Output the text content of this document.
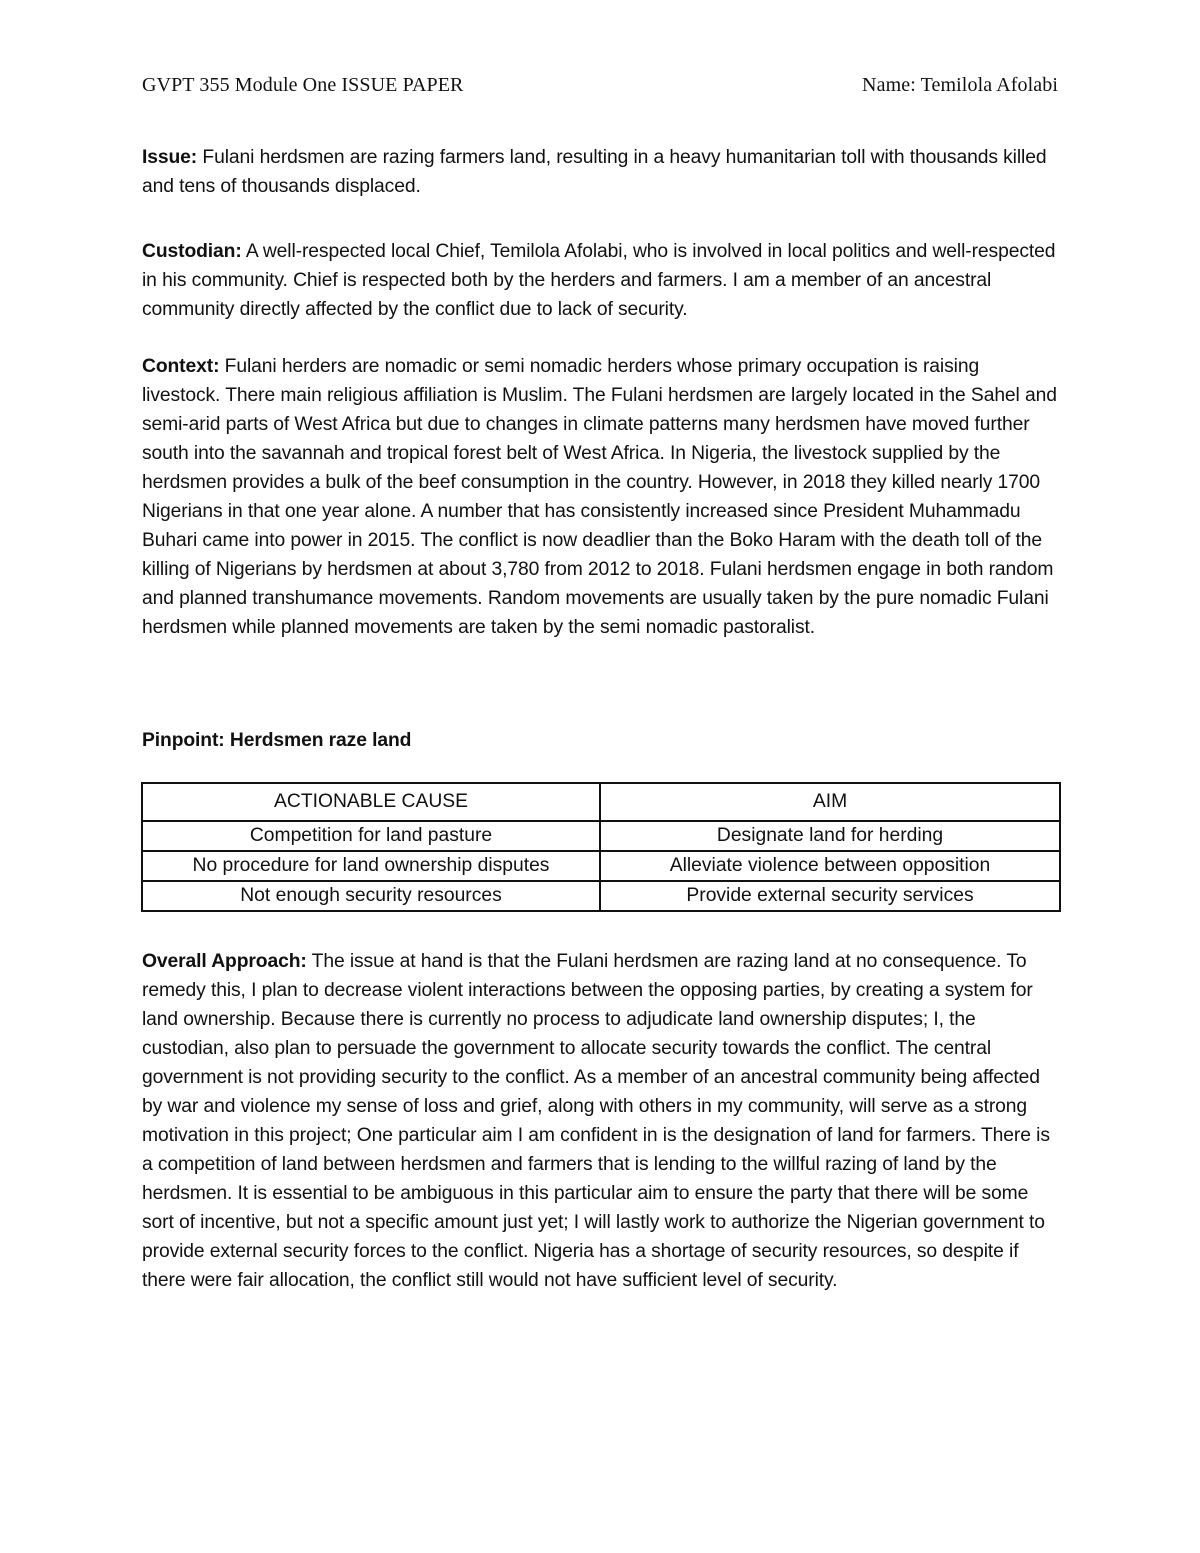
GVPT 355 Module One ISSUE PAPER	Name: Temilola Afolabi

Issue: Fulani herdsmen are razing farmers land, resulting in a heavy humanitarian toll with thousands killed and tens of thousands displaced.

Custodian: A well-respected local Chief, Temilola Afolabi, who is involved in local politics and well-respected in his community. Chief is respected both by the herders and farmers. I am a member of an ancestral community directly affected by the conflict due to lack of security.

Context: Fulani herders are nomadic or semi nomadic herders whose primary occupation is raising livestock. There main religious affiliation is Muslim. The Fulani herdsmen are largely located in the Sahel and semi-arid parts of West Africa but due to changes in climate patterns many herdsmen have moved further south into the savannah and tropical forest belt of West Africa. In Nigeria, the livestock supplied by the herdsmen provides a bulk of the beef consumption in the country. However, in 2018 they killed nearly 1700 Nigerians in that one year alone. A number that has consistently increased since President Muhammadu Buhari came into power in 2015. The conflict is now deadlier than the Boko Haram with the death toll of the killing of Nigerians by herdsmen at about 3,780 from 2012 to 2018. Fulani herdsmen engage in both random and planned transhumance movements. Random movements are usually taken by the pure nomadic Fulani herdsmen while planned movements are taken by the semi nomadic pastoralist.

Pinpoint: Herdsmen raze land

ACTIONABLE CAUSE	AIM
Competition for land pasture	Designate land for herding
No procedure for land ownership disputes	Alleviate violence between opposition
Not enough security resources	Provide external security services

Overall Approach: The issue at hand is that the Fulani herdsmen are razing land at no consequence. To remedy this, I plan to decrease violent interactions between the opposing parties, by creating a system for land ownership. Because there is currently no process to adjudicate land ownership disputes; I, the custodian, also plan to persuade the government to allocate security towards the conflict. The central government is not providing security to the conflict. As a member of an ancestral community being affected by war and violence my sense of loss and grief, along with others in my community, will serve as a strong motivation in this project; One particular aim I am confident in is the designation of land for farmers. There is a competition of land between herdsmen and farmers that is lending to the willful razing of land by the herdsmen. It is essential to be ambiguous in this particular aim to ensure the party that there will be some sort of incentive, but not a specific amount just yet; I will lastly work to authorize the Nigerian government to provide external security forces to the conflict. Nigeria has a shortage of security resources, so despite if there were fair allocation, the conflict still would not have sufficient level of security.
